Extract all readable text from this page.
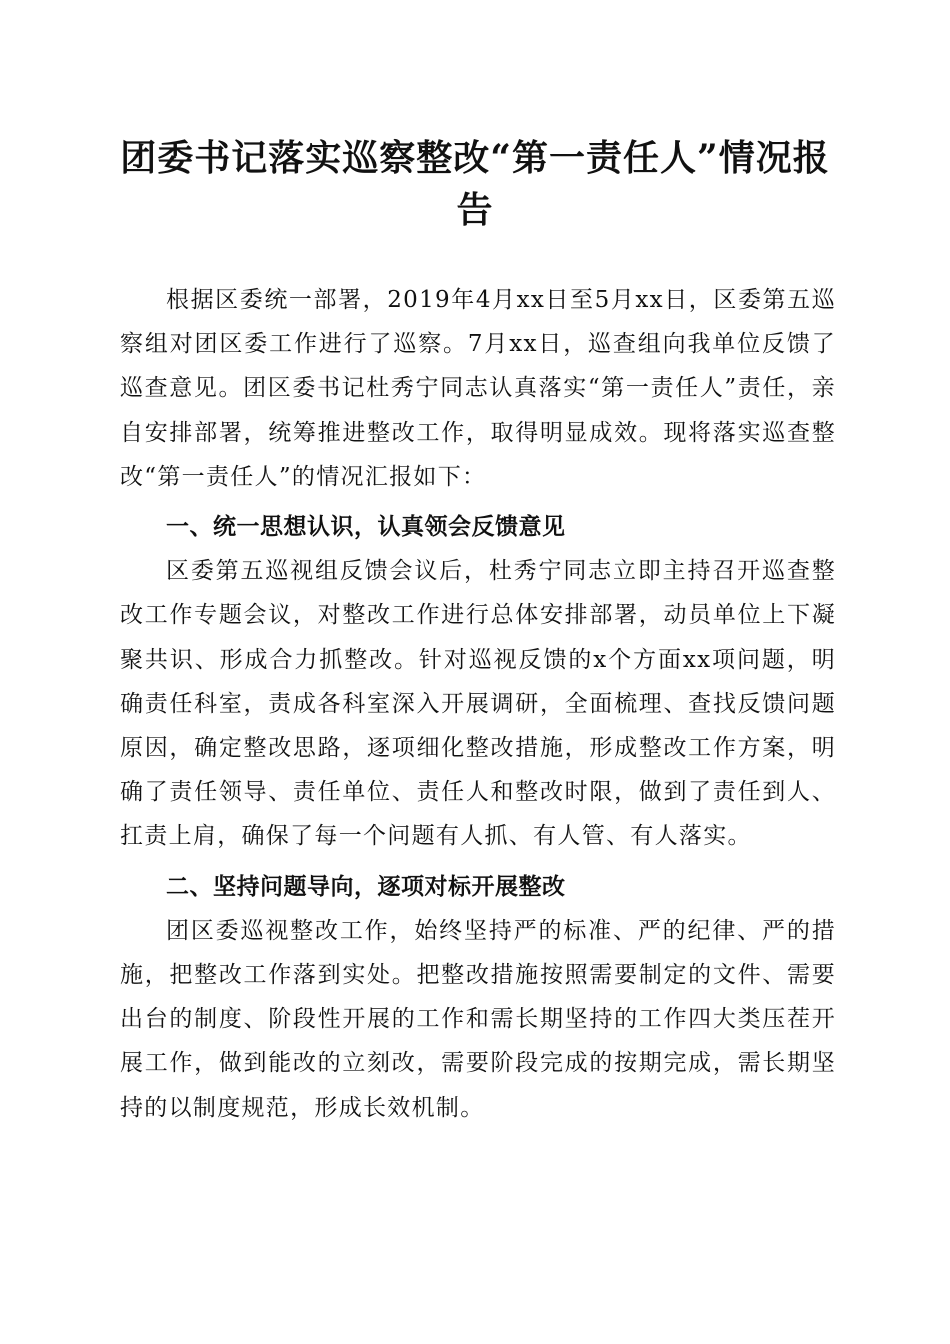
团委书记落实巡察整改“第一责任人”情况报告

根据区委统一部署，2019年4月xx日至5月xx日，区委第五巡察组对团区委工作进行了巡察。7月xx日，巡查组向我单位反馈了巡查意见。团区委书记杜秀宁同志认真落实“第一责任人”责任，亲自安排部署，统筹推进整改工作，取得明显成效。现将落实巡查整改“第一责任人”的情况汇报如下：

一、统一思想认识，认真领会反馈意见

区委第五巡视组反馈会议后，杜秀宁同志立即主持召开巡查整改工作专题会议，对整改工作进行总体安排部署，动员单位上下凝聚共识、形成合力抓整改。针对巡视反馈的x个方面xx项问题，明确责任科室，责成各科室深入开展调研，全面梳理、查找反馈问题原因，确定整改思路，逐项细化整改措施，形成整改工作方案，明确了责任领导、责任单位、责任人和整改时限，做到了责任到人、扛责上肩，确保了每一个问题有人抓、有人管、有人落实。

二、坚持问题导向，逐项对标开展整改

团区委巡视整改工作，始终坚持严的标准、严的纪律、严的措施，把整改工作落到实处。把整改措施按照需要制定的文件、需要出台的制度、阶段性开展的工作和需长期坚持的工作四大类压茬开展工作，做到能改的立刻改，需要阶段完成的按期完成，需长期坚持的以制度规范，形成长效机制。
